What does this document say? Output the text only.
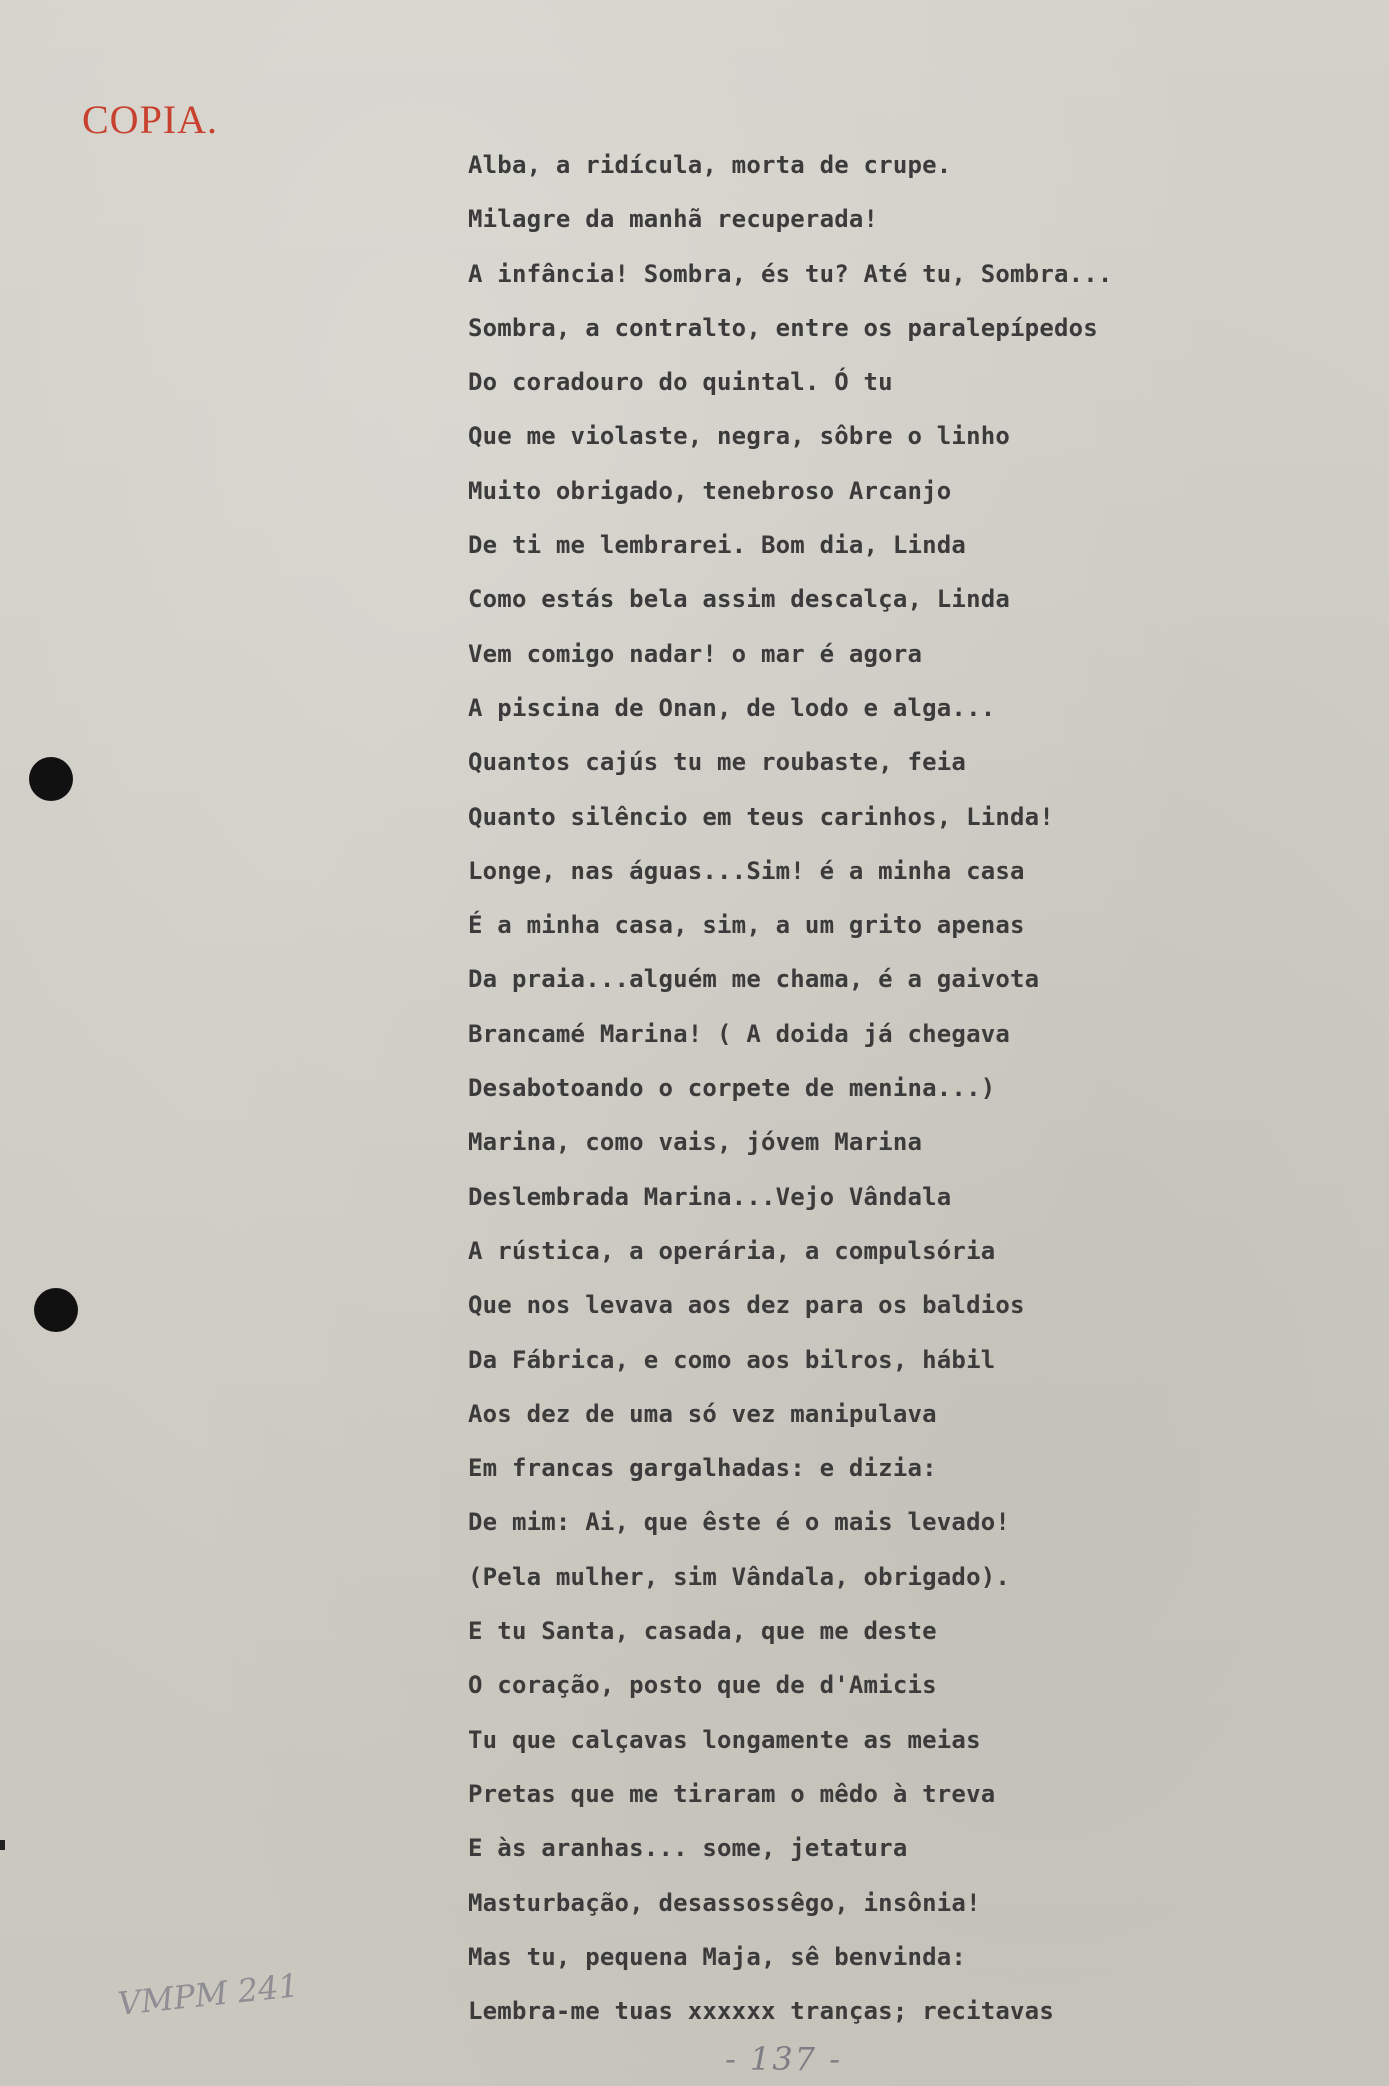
COPIA.
Alba, a ridícula, morta de crupe.
Milagre da manhã recuperada!
A infância! Sombra, és tu? Até tu, Sombra...
Sombra, a contralto, entre os paralepípedos
Do coradouro do quintal. Ó tu
Que me violaste, negra, sôbre o linho
Muito obrigado, tenebroso Arcanjo
De ti me lembrarei. Bom dia, Linda
Como estás bela assim descalça, Linda
Vem comigo nadar! o mar é agora
A piscina de Onan, de lodo e alga...
Quantos cajús tu me roubaste, feia
Quanto silêncio em teus carinhos, Linda!
Longe, nas águas...Sim! é a minha casa
É a minha casa, sim, a um grito apenas
Da praia...alguém me chama, é a gaivota
Brancamé Marina! ( A doida já chegava
Desabotoando o corpete de menina...)
Marina, como vais, jóvem Marina
Deslembrada Marina...Vejo Vândala
A rústica, a operária, a compulsória
Que nos levava aos dez para os baldios
Da Fábrica, e como aos bilros, hábil
Aos dez de uma só vez manipulava
Em francas gargalhadas: e dizia:
De mim: Ai, que êste é o mais levado!
(Pela mulher, sim Vândala, obrigado).
E tu Santa, casada, que me deste
O coração, posto que de d'Amicis
Tu que calçavas longamente as meias
Pretas que me tiraram o mêdo à treva
E às aranhas... some, jetatura
Masturbação, desassossêgo, insônia!
Mas tu, pequena Maja, sê benvinda:
Lembra-me tuas xxxxxx tranças; recitavas
VMPM 241
- 137 -
